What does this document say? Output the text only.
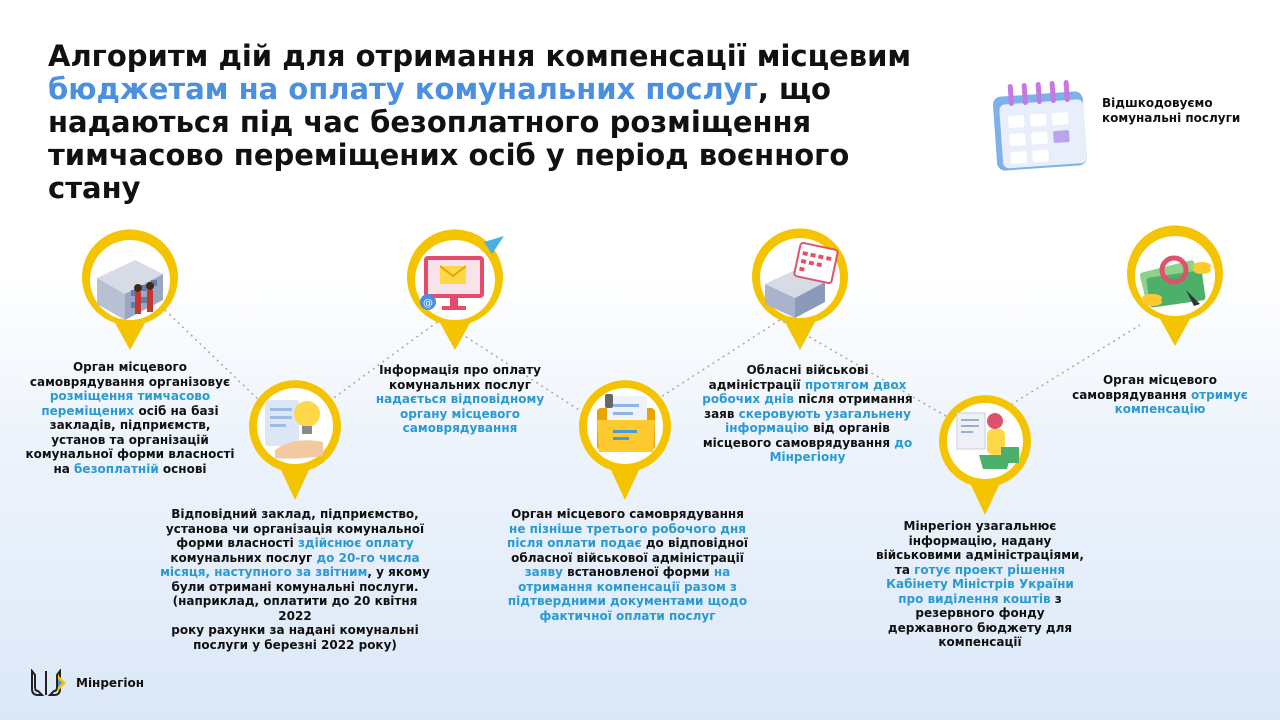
Алгоритм дій для отримання компенсації місцевим
бюджетам на оплату комунальних послуг, що
надаються під час безоплатного розміщення
тимчасово переміщених осіб у період воєнного стану
Відшкодовуємо
комунальні послуги
@
Орган місцевого
самоврядування організовує
розміщення тимчасово
переміщених осіб на базі
закладів, підприємств,
установ та організацій
комунальної форми власності
на безоплатній основі
Відповідний заклад, підприємство,
установа чи організація комунальної
форми власності здійснює оплату
комунальних послуг до 20-го числа
місяця, наступного за звітним, у якому
були отримані комунальні послуги.
(наприклад, оплатити до 20 квітня 2022
року рахунки за надані комунальні
послуги у березні 2022 року)
Інформація про оплату
комунальних послуг
надається відповідному
органу місцевого
самоврядування
Орган місцевого самоврядування
не пізніше третього робочого дня
після оплати подає до відповідної
обласної військової адміністрації
заяву встановленої форми на
отримання компенсації разом з
підтвердними документами щодо
фактичної оплати послуг
Обласні військові
адміністрації протягом двох
робочих днів після отримання
заяв скеровують узагальнену
інформацію від органів
місцевого самоврядування до
Мінрегіону
Мінрегіон узагальнює
інформацію, надану
військовими адміністраціями,
та готує проект рішення
Кабінету Міністрів України
про виділення коштів з
резервного фонду
державного бюджету для
компенсації
Орган місцевого
самоврядування отримує
компенсацію
Мінрегіон
